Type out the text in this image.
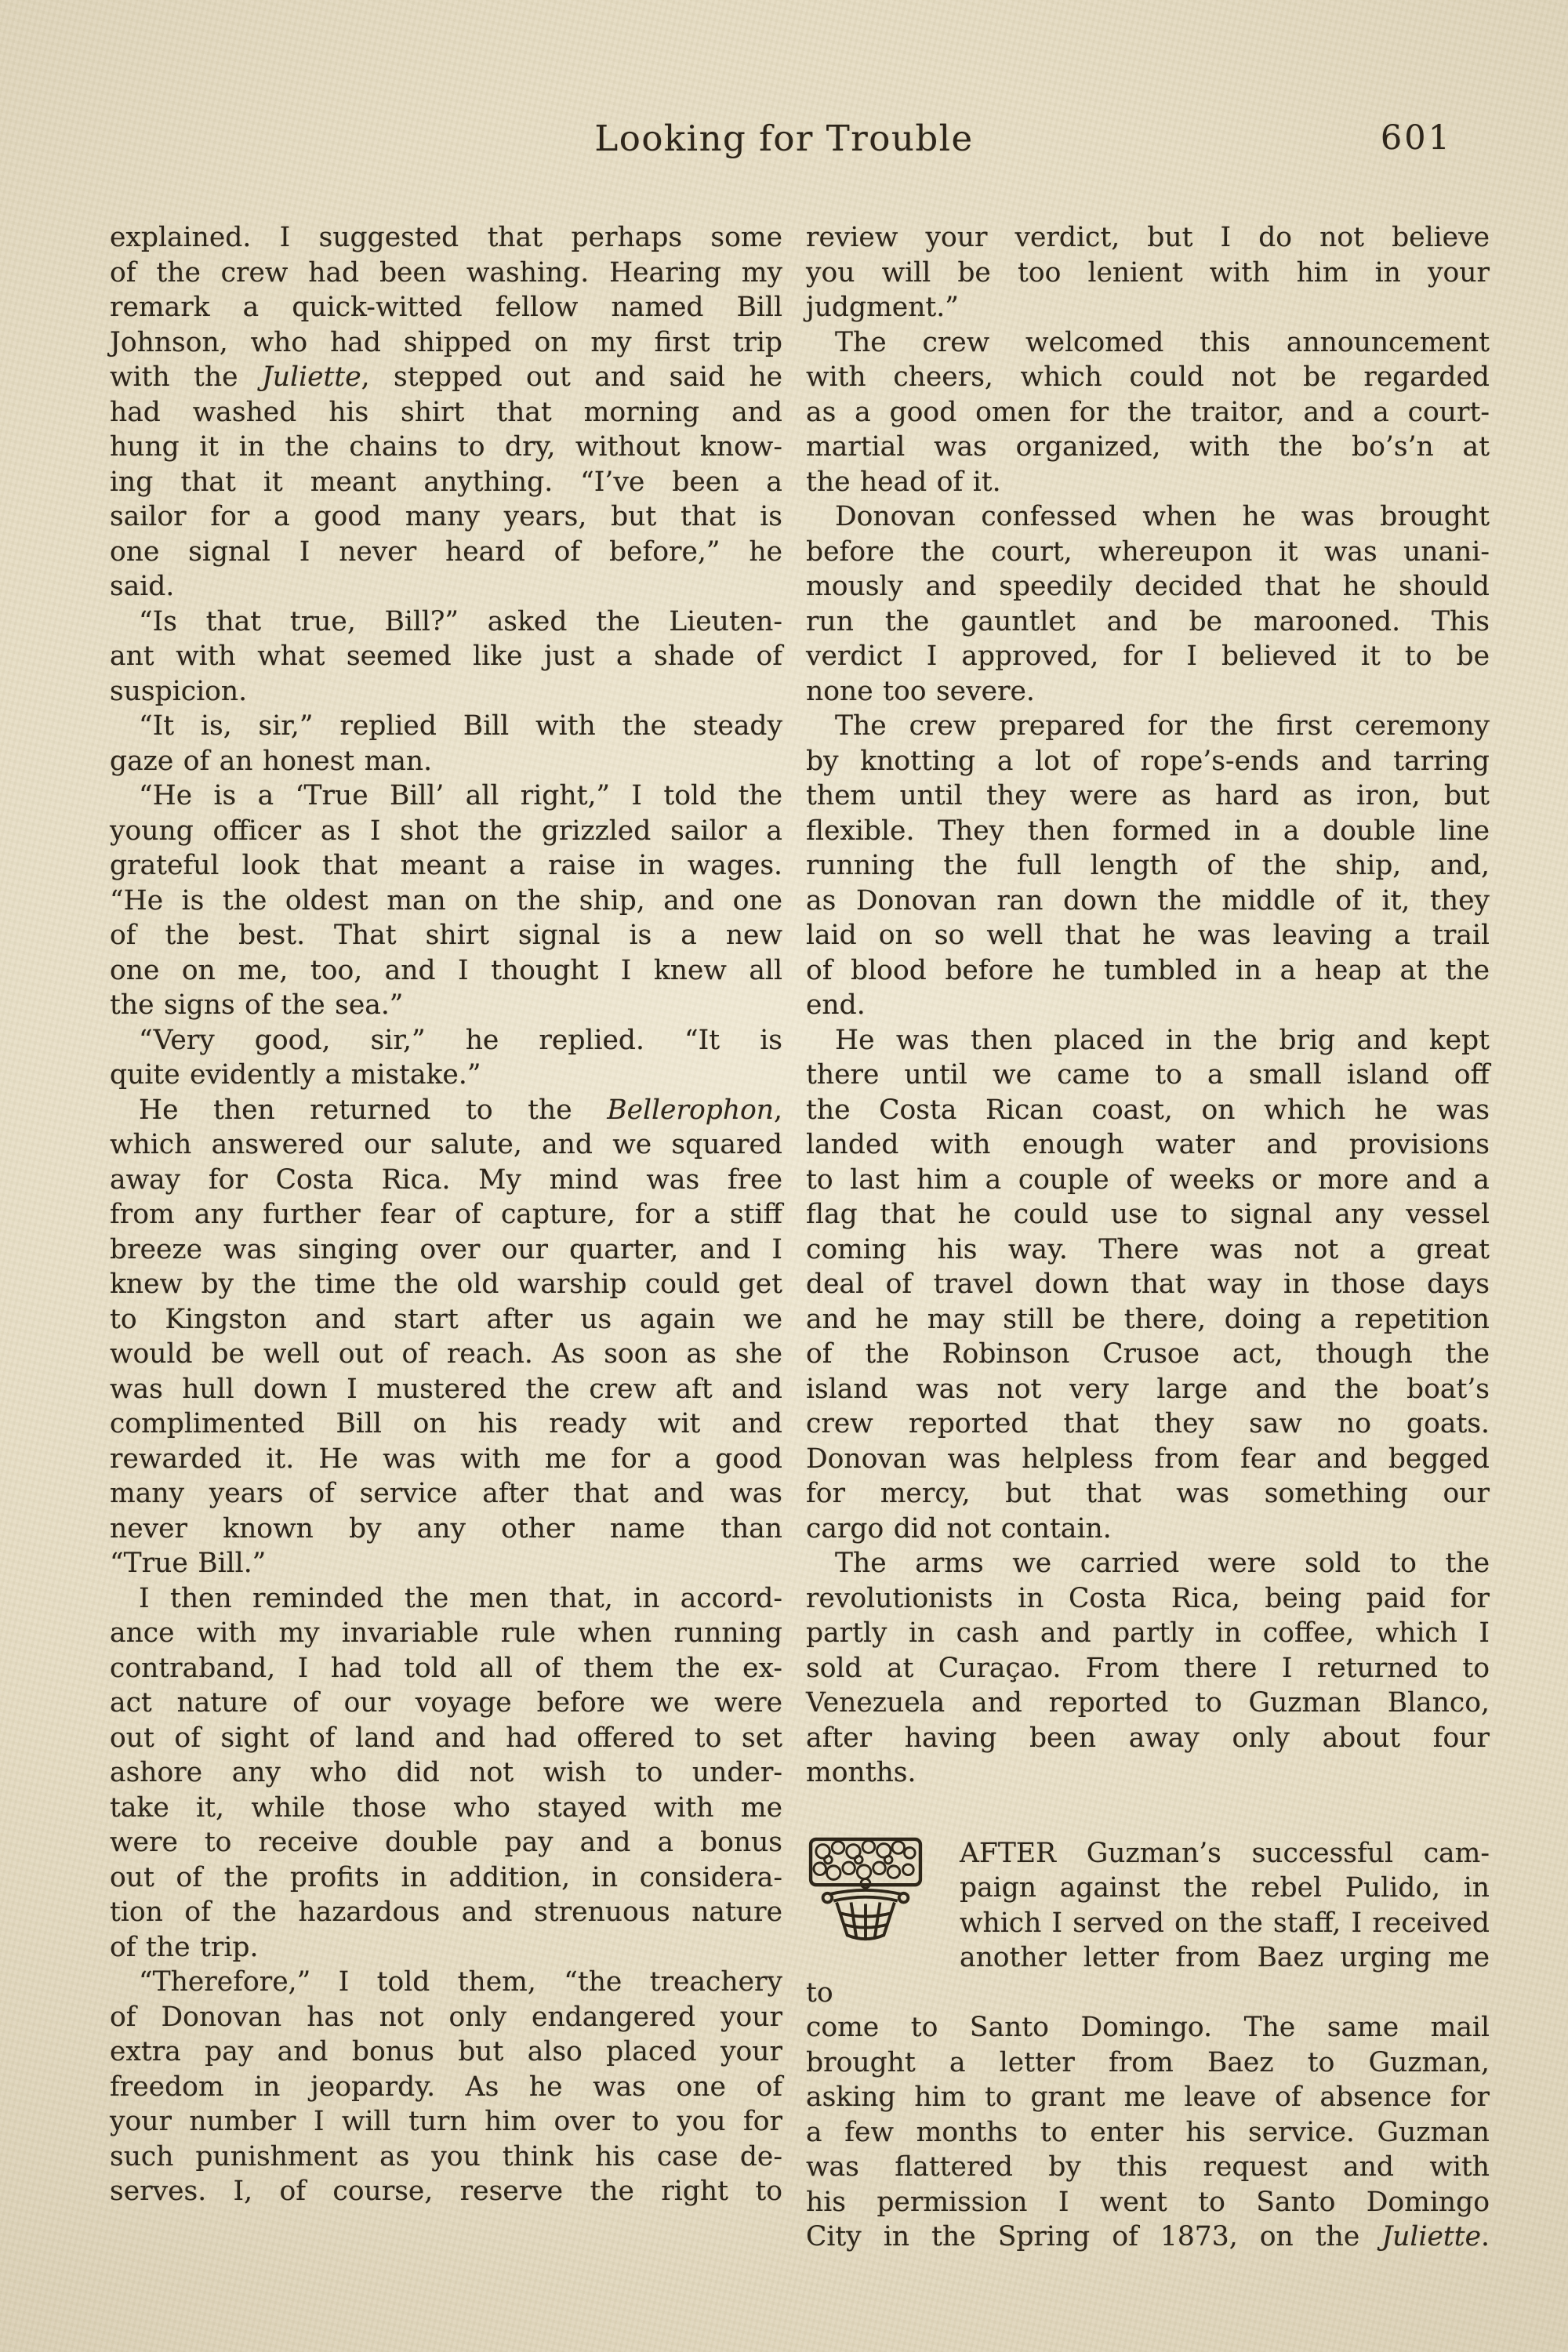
Looking for Trouble	601
explained. I suggested that perhaps some
of the crew had been washing. Hearing my
remark a quick-witted fellow named Bill
Johnson, who had shipped on my first trip
with the Juliette, stepped out and said he
had washed his shirt that morning and
hung it in the chains to dry, without know-
ing that it meant anything. “I’ve been a
sailor for a good many years, but that is
one signal I never heard of before,” he
said.
“Is that true, Bill?” asked the Lieuten-
ant with what seemed like just a shade of
suspicion.
“It is, sir,” replied Bill with the steady
gaze of an honest man.
“He is a ‘True Bill’ all right,” I told the
young officer as I shot the grizzled sailor a
grateful look that meant a raise in wages.
“He is the oldest man on the ship, and one
of the best. That shirt signal is a new
one on me, too, and I thought I knew all
the signs of the sea.”
“Very good, sir,” he replied. “It is
quite evidently a mistake.”
He then returned to the Bellerophon,
which answered our salute, and we squared
away for Costa Rica. My mind was free
from any further fear of capture, for a stiff
breeze was singing over our quarter, and I
knew by the time the old warship could get
to Kingston and start after us again we
would be well out of reach. As soon as she
was hull down I mustered the crew aft and
complimented Bill on his ready wit and
rewarded it. He was with me for a good
many years of service after that and was
never known by any other name than
“True Bill.”
I then reminded the men that, in accord-
ance with my invariable rule when running
contraband, I had told all of them the ex-
act nature of our voyage before we were
out of sight of land and had offered to set
ashore any who did not wish to under-
take it, while those who stayed with me
were to receive double pay and a bonus
out of the profits in addition, in considera-
tion of the hazardous and strenuous nature
of the trip.
“Therefore,” I told them, “the treachery
of Donovan has not only endangered your
extra pay and bonus but also placed your
freedom in jeopardy. As he was one of
your number I will turn him over to you for
such punishment as you think his case de-
serves. I, of course, reserve the right to
review your verdict, but I do not believe
you will be too lenient with him in your
judgment.”
The crew welcomed this announcement
with cheers, which could not be regarded
as a good omen for the traitor, and a court-
martial was organized, with the bo’s’n at
the head of it.
Donovan confessed when he was brought
before the court, whereupon it was unani-
mously and speedily decided that he should
run the gauntlet and be marooned. This
verdict I approved, for I believed it to be
none too severe.
The crew prepared for the first ceremony
by knotting a lot of rope’s-ends and tarring
them until they were as hard as iron, but
flexible. They then formed in a double line
running the full length of the ship, and,
as Donovan ran down the middle of it, they
laid on so well that he was leaving a trail
of blood before he tumbled in a heap at the
end.
He was then placed in the brig and kept
there until we came to a small island off
the Costa Rican coast, on which he was
landed with enough water and provisions
to last him a couple of weeks or more and a
flag that he could use to signal any vessel
coming his way. There was not a great
deal of travel down that way in those days
and he may still be there, doing a repetition
of the Robinson Crusoe act, though the
island was not very large and the boat’s
crew reported that they saw no goats.
Donovan was helpless from fear and begged
for mercy, but that was something our
cargo did not contain.
The arms we carried were sold to the
revolutionists in Costa Rica, being paid for
partly in cash and partly in coffee, which I
sold at Curaçao. From there I returned to
Venezuela and reported to Guzman Blanco,
after having been away only about four
months.
AFTER Guzman’s successful cam-
paign against the rebel Pulido, in
which I served on the staff, I received
another letter from Baez urging me to
come to Santo Domingo. The same mail
brought a letter from Baez to Guzman,
asking him to grant me leave of absence for
a few months to enter his service. Guzman
was flattered by this request and with
his permission I went to Santo Domingo
City in the Spring of 1873, on the Juliette.
